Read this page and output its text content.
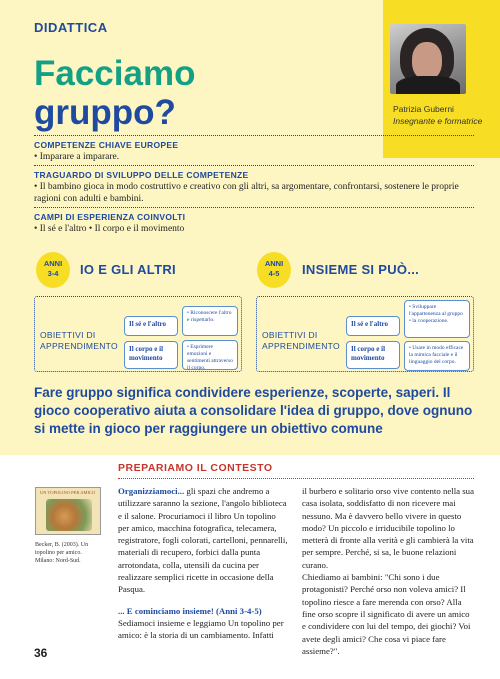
DIDATTICA
Facciamo
gruppo?	Patrizia Guberni
Insegnante e formatrice
COMPETENZE CHIAVE EUROPEE
• Imparare a imparare.
TRAGUARDO DI SVILUPPO DELLE COMPETENZE
• Il bambino gioca in modo costruttivo e creativo con gli altri, sa argomentare, confrontarsi, sostenere le proprie ragioni con adulti e bambini.
CAMPI DI ESPERIENZA COINVOLTI
• Il sé e l'altro • Il corpo e il movimento
ANNI
3-4	IO E GLI ALTRI
OBIETTIVI DI APPRENDIMENTO
Il sé e l'altro
• Riconoscere l'altro e rispettarlo.
Il corpo e il movimento
• Esprimere emozioni e sentimenti attraverso il corpo.
ANNI
4-5	INSIEME SI PUÒ...
OBIETTIVI DI APPRENDIMENTO
Il sé e l'altro
• Sviluppare l'appartenenza al gruppo • la cooperazione.
Il corpo e il movimento
• Usare in modo efficace la mimica facciale e il linguaggio del corpo.
Fare gruppo significa condividere esperienze, scoperte, saperi. Il gioco cooperativo aiuta a consolidare l'idea di gruppo, dove ognuno si mette in gioco per raggiungere un obiettivo comune
PREPARIAMO IL CONTESTO
UN TOPOLINO PER AMICO
Becker, B. (2003). Un topolino per amico. Milano: Nord-Sud.

Organizziamoci... gli spazi che andremo a utilizzare saranno la sezione, l'angolo biblioteca e il salone. Procuriamoci il libro Un topolino per amico, macchina fotografica, telecamera, registratore, fogli colorati, cartelloni, pennarelli, materiali di recupero, forbici dalla punta arrotondata, colla, utensili da cucina per realizzare semplici ricette in occasione della Pasqua.

... E cominciamo insieme! (Anni 3-4-5) Sediamoci insieme e leggiamo Un topolino per amico: è la storia di un cambiamento. Infatti

il burbero e solitario orso vive contento nella sua casa isolata, soddisfatto di non ricevere mai nessuno. Ma è davvero bello vivere in questo modo? Un piccolo e irriducibile topolino lo metterà di fronte alla verità e gli cambierà la vita per sempre. Perché, si sa, le buone relazioni curano.

Chiediamo ai bambini: "Chi sono i due protagonisti? Perché orso non voleva amici? Il topolino riesce a fare merenda con orso? Alla fine orso scopre il significato di avere un amico e condividere con lui del tempo, dei giochi? Voi avete degli amici? Che cosa vi piace fare assieme?".

36
